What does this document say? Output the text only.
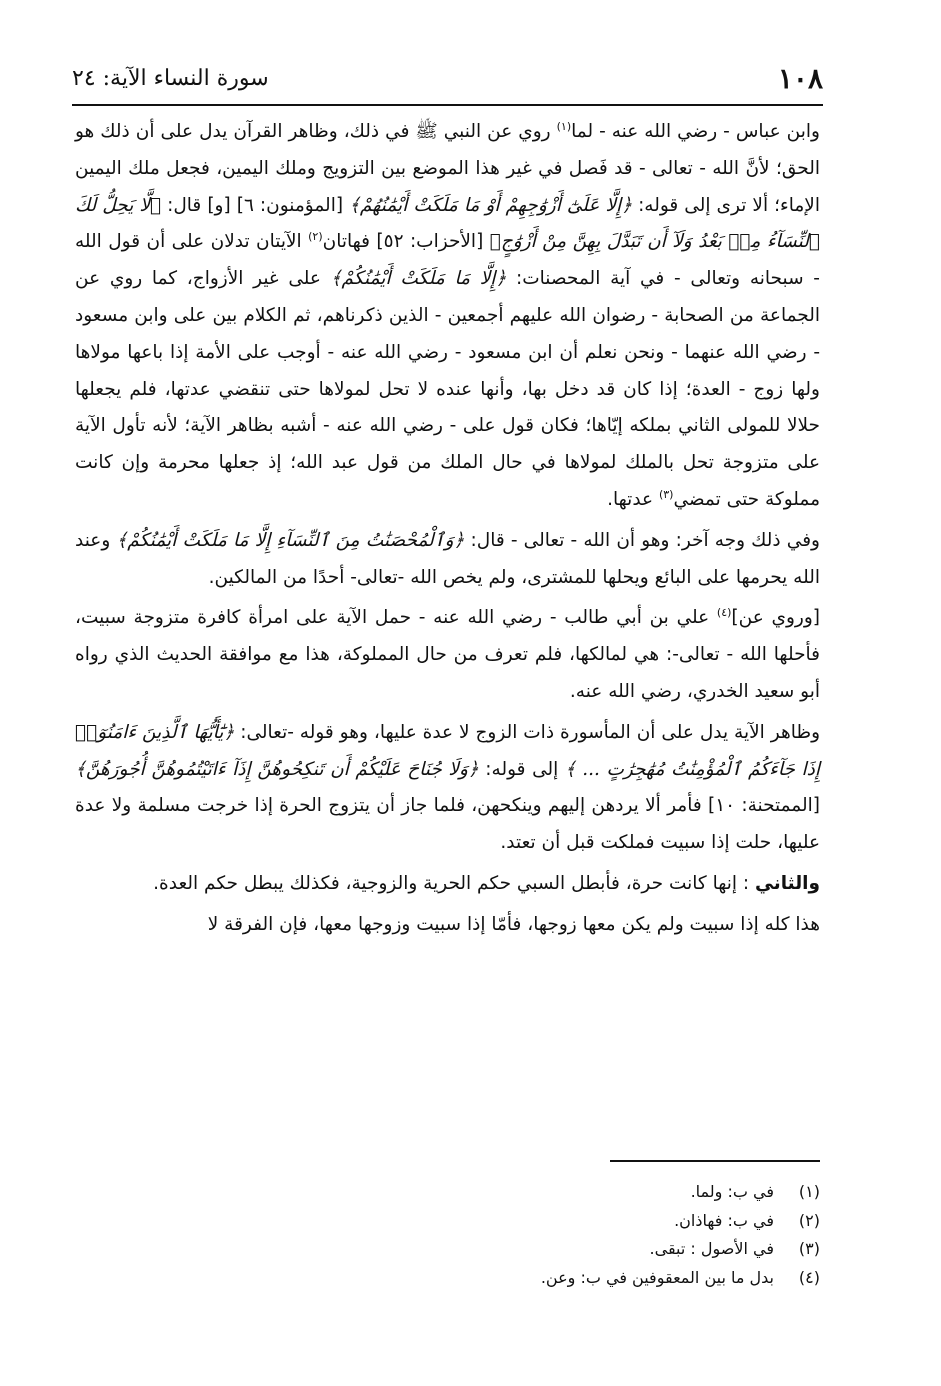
١٠٨
سورة النساء الآية: ٢٤

وابن عباس - رضي الله عنه - لما$^{(١)}$ روي عن النبي ﷺ في ذلك، وظاهر القرآن يدل على أن ذلك هو الحق؛ لأنَّ الله - تعالى - قد فَصل في غير هذا الموضع بين التزويج وملك اليمين، فجعل ملك اليمين الإماء؛ ألا ترى إلى قوله: ﴿إِلَّا عَلَىٰٓ أَزْوَٰجِهِمْ أَوْ مَا مَلَكَتْ أَيْمَٰنُهُمْ﴾ [المؤمنون: ٦] [و] قال: ﴿لَّا يَحِلُّ لَكَ ٱلنِّسَآءُ مِنۢ بَعْدُ وَلَآ أَن تَبَدَّلَ بِهِنَّ مِنْ أَزْوَٰجٍ﴾ [الأحزاب: ٥٢] فهاتان$^{(٢)}$ الآيتان تدلان على أن قول الله - سبحانه وتعالى - في آية المحصنات: ﴿إِلَّا مَا مَلَكَتْ أَيْمَٰنُكُمْ﴾ على غير الأزواج، كما روي عن الجماعة من الصحابة - رضوان الله عليهم أجمعين - الذين ذكرناهم، ثم الكلام بين على وابن مسعود - رضي الله عنهما - ونحن نعلم أن ابن مسعود - رضي الله عنه - أوجب على الأمة إذا باعها مولاها ولها زوج - العدة؛ إذا كان قد دخل بها، وأنها عنده لا تحل لمولاها حتى تنقضي عدتها، فلم يجعلها حلالا للمولى الثاني بملكه إيّاها؛ فكان قول على - رضي الله عنه - أشبه بظاهر الآية؛ لأنه تأول الآية على متزوجة تحل بالملك لمولاها في حال الملك من قول عبد الله؛ إذ جعلها محرمة وإن كانت مملوكة حتى تمضي$^{(٣)}$ عدتها.

وفي ذلك وجه آخر: وهو أن الله - تعالى - قال: ﴿وَٱلْمُحْصَنَٰتُ مِنَ ٱلنِّسَآءِ إِلَّا مَا مَلَكَتْ أَيْمَٰنُكُمْ﴾ وعند الله يحرمها على البائع ويحلها للمشترى، ولم يخص الله -تعالى- أحدًا من المالكين.

[وروي عن]$^{(٤)}$ علي بن أبي طالب - رضي الله عنه - حمل الآية على امرأة كافرة متزوجة سبيت، فأحلها الله - تعالى-: هي لمالكها، فلم تعرف من حال المملوكة، هذا مع موافقة الحديث الذي رواه أبو سعيد الخدري، رضي الله عنه.

وظاهر الآية يدل على أن المأسورة ذات الزوج لا عدة عليها، وهو قوله -تعالى: ﴿يَٰٓأَيُّهَا ٱلَّذِينَ ءَامَنُوٓا۟ إِذَا جَآءَكُمُ ٱلْمُؤْمِنَٰتُ مُهَٰجِرَٰتٍ ... ﴾ إلى قوله: ﴿وَلَا جُنَاحَ عَلَيْكُمْ أَن تَنكِحُوهُنَّ إِذَآ ءَاتَيْتُمُوهُنَّ أُجُورَهُنَّ﴾ [الممتحنة: ١٠] فأمر ألا يردهن إليهم وينكحهن، فلما جاز أن يتزوج الحرة إذا خرجت مسلمة ولا عدة عليها، حلت إذا سبيت فملكت قبل أن تعتد.

والثاني : إنها كانت حرة، فأبطل السبي حكم الحرية والزوجية، فكذلك يبطل حكم العدة.

هذا كله إذا سبيت ولم يكن معها زوجها، فأمّا إذا سبيت وزوجها معها، فإن الفرقة لا

(١)
في ب: ولما.
(٢)
في ب: فهاذان.
(٣)
في الأصول : تبقى.
(٤)
بدل ما بين المعقوفين في ب: وعن.
